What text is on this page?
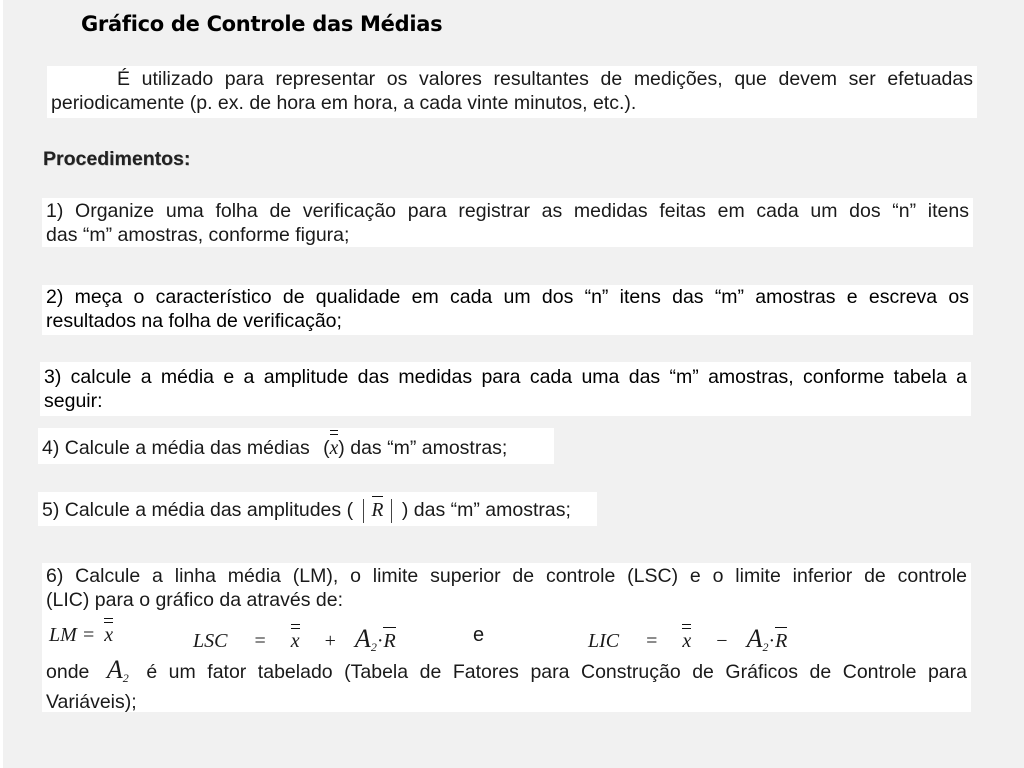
Gráfico de Controle das Médias
É utilizado para representar os valores resultantes de medições, que devem ser efetuadas
periodicamente (p. ex. de hora em hora, a cada vinte minutos, etc.).
Procedimentos:
1) Organize uma folha de verificação para registrar as medidas feitas em cada um dos “n” itens
das “m” amostras, conforme figura;
2) meça o característico de qualidade em cada um dos “n” itens das “m” amostras e escreva os
resultados na folha de verificação;
3) calcule a média e a amplitude das medidas para cada uma das “m” amostras, conforme tabela a
seguir:
4) Calcule a média das médias (
x) das “m” amostras;
5) Calcule a média das amplitudes ( R ) das “m” amostras;
6) Calcule a linha média (LM), o limite superior de controle (LSC) e o limite inferior de controle
(LIC) para o gráfico da através de:
onde $A_2$ é um fator tabelado (Tabela de Fatores para Construção de Gráficos de Controle para
Variáveis);
LM = x	LSC = $x + A_2\cdot$
R	e	LIC = $x - A_2\cdot$
R
